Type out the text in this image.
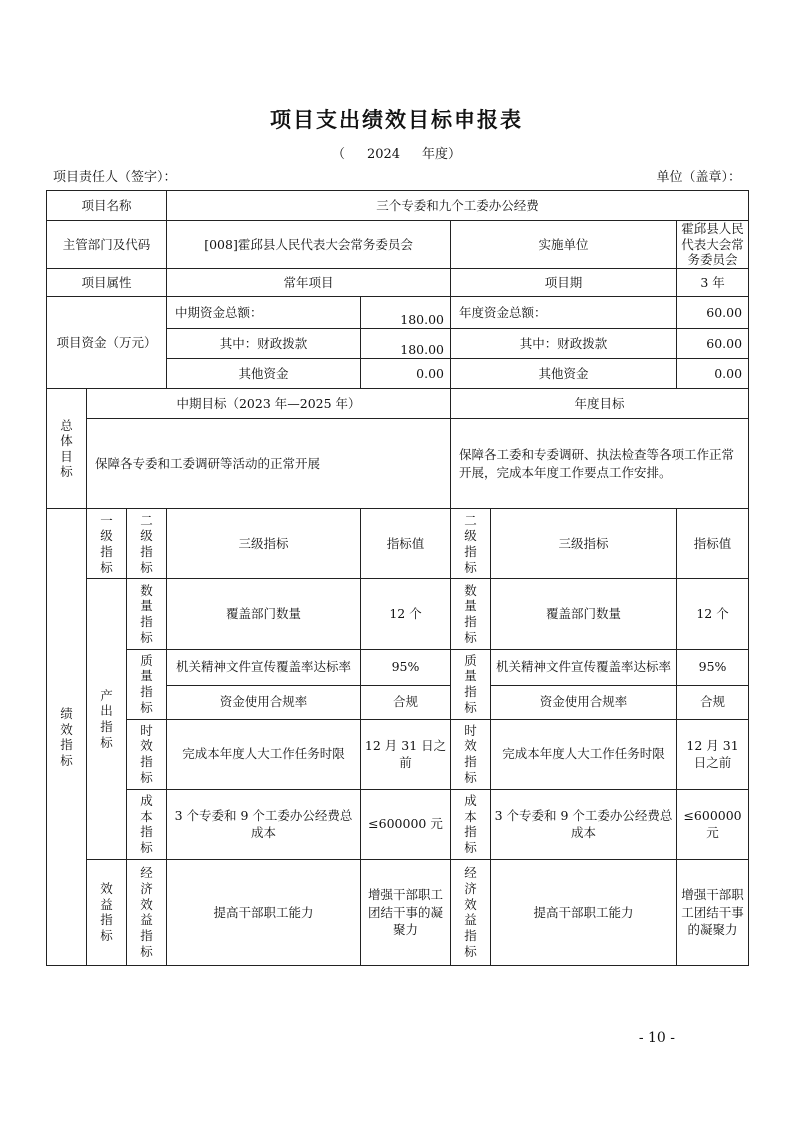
项目支出绩效目标申报表
（ 2024 年度）
项目责任人（签字）：	单位（盖章）：
项目名称			三个专委和九个工委办公经费				
主管部门及代码			[008]霍邱县人民代表大会常务委员会		实施单位		霍邱县人民代表大会常务委员会
项目属性			常年项目		项目期		3 年
项目资金（万元）			中期资金总额：	180.00	年度资金总额：		60.00
			其中：财政拨款	180.00	其中：财政拨款		60.00
			其他资金	0.00	其他资金		0.00
总体目标	中期目标（2023 年—2025 年）				年度目标		
	保障各专委和工委调研等活动的正常开展				保障各工委和专委调研、执法检查等各项工作正常开展，完成本年度工作要点工作安排。		
绩效指标	一级指标	二级指标	三级指标	指标值	二级指标	三级指标	指标值
	产出指标	数量指标	覆盖部门数量	12 个	数量指标	覆盖部门数量	12 个
		质量指标	机关精神文件宣传覆盖率达标率	95%	质量指标	机关精神文件宣传覆盖率达标率	95%
			资金使用合规率	合规		资金使用合规率	合规
		时效指标	完成本年度人大工作任务时限	12 月 31 日之前	时效指标	完成本年度人大工作任务时限	12 月 31 日之前
		成本指标	3 个专委和 9 个工委办公经费总成本	≤600000 元	成本指标	3 个专委和 9 个工委办公经费总成本	≤600000 元
	效益指标	经济效益指标	提高干部职工能力	增强干部职工团结干事的凝聚力	经济效益指标	提高干部职工能力	增强干部职工团结干事的凝聚力
- 10 -
